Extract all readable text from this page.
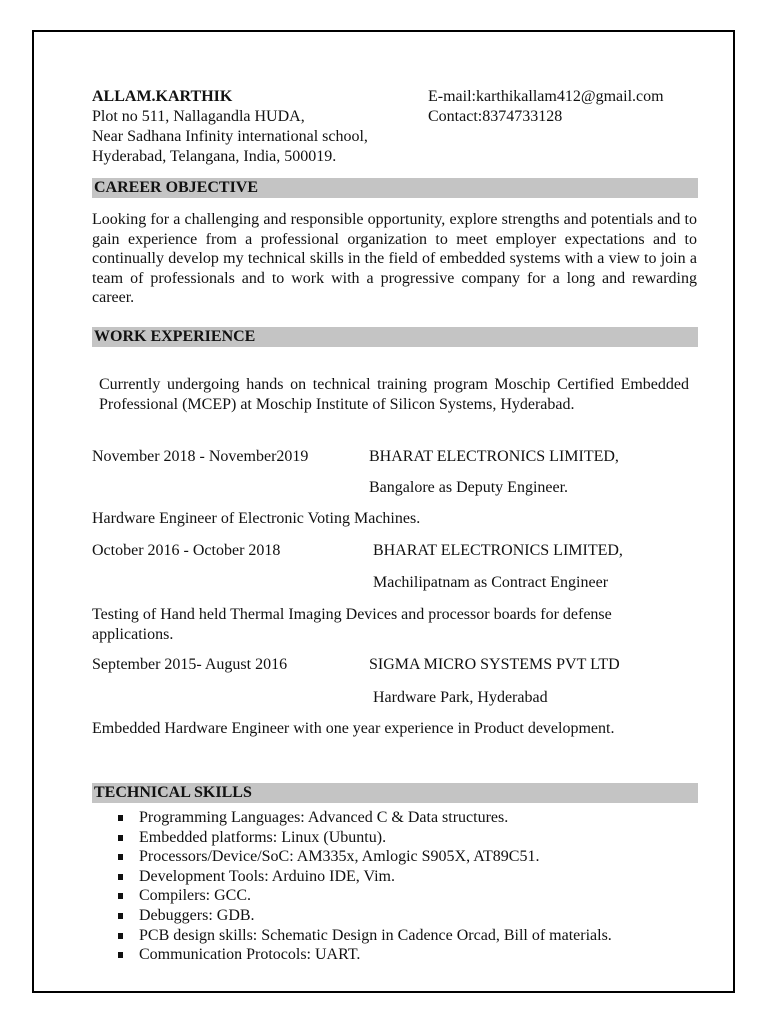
ALLAM.KARTHIK
Plot no 511, Nallagandla HUDA,
Near Sadhana Infinity international school,
Hyderabad, Telangana, India, 500019.
E-mail:karthikallam412@gmail.com
Contact:8374733128
CAREER OBJECTIVE
Looking for a challenging and responsible opportunity, explore strengths and potentials and to gain experience from a professional organization to meet employer expectations and to continually develop my technical skills in the field of embedded systems with a view to join a team of professionals and to work with a progressive company for a long and rewarding career.
WORK EXPERIENCE
Currently undergoing hands on technical training program Moschip Certified Embedded Professional (MCEP) at Moschip Institute of Silicon Systems, Hyderabad.
November 2018 - November2019	BHARAT ELECTRONICS LIMITED,
Bangalore as Deputy Engineer.
Hardware Engineer of Electronic Voting Machines.
October 2016 - October 2018	BHARAT ELECTRONICS LIMITED,
Machilipatnam as Contract Engineer
Testing of Hand held Thermal Imaging Devices and processor boards for defense applications.
September 2015- August 2016	SIGMA MICRO SYSTEMS PVT LTD
Hardware Park, Hyderabad
Embedded Hardware Engineer with one year experience in Product development.
TECHNICAL SKILLS
Programming Languages: Advanced C & Data structures.
Embedded platforms: Linux (Ubuntu).
Processors/Device/SoC: AM335x, Amlogic S905X, AT89C51.
Development Tools: Arduino IDE, Vim.
Compilers: GCC.
Debuggers: GDB.
PCB design skills: Schematic Design in Cadence Orcad, Bill of materials.
Communication Protocols: UART.
